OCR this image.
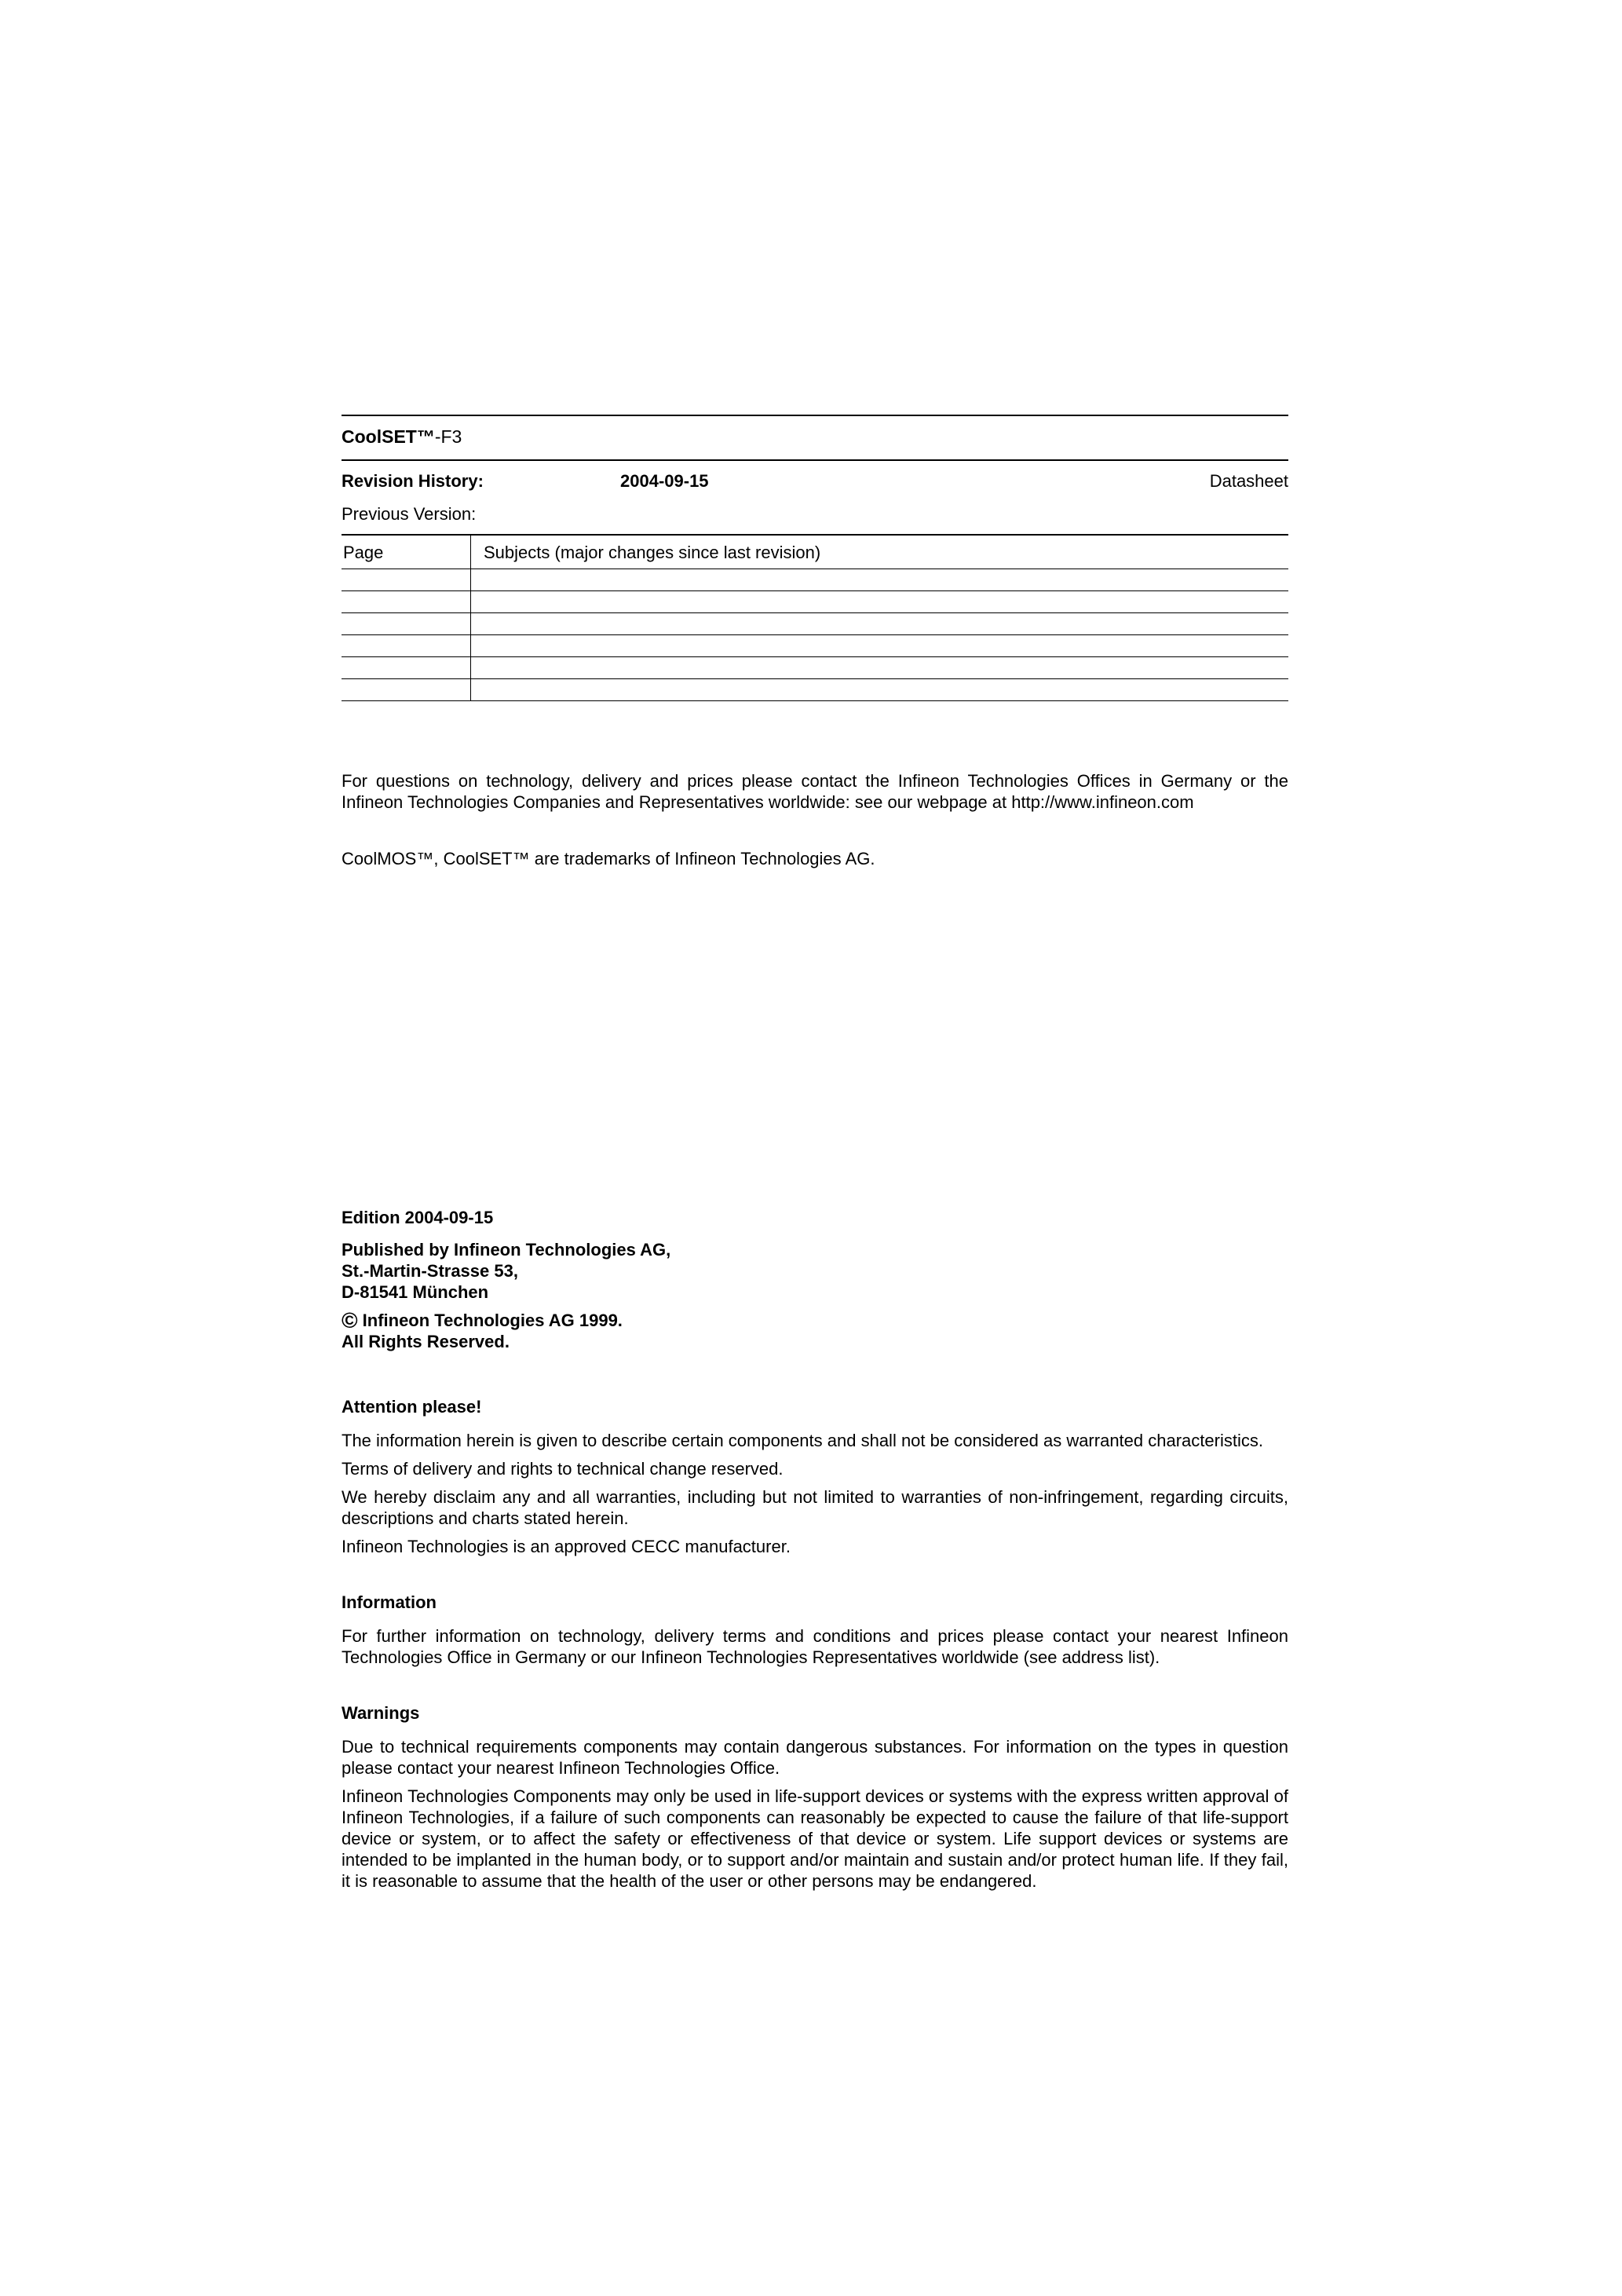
CoolSET™-F3
Revision History:	2004-09-15	Datasheet
Previous Version:
Page	Subjects (major changes since last revision)

For questions on technology, delivery and prices please contact the Infineon Technologies Offices in Germany or the Infineon Technologies Companies and Representatives worldwide: see our webpage at http://www.infineon.com

CoolMOS™, CoolSET™ are trademarks of Infineon Technologies AG.

Edition 2004-09-15

Published by Infineon Technologies AG,

St.-Martin-Strasse 53,

D-81541 München

© Infineon Technologies AG 1999.

All Rights Reserved.

Attention please!

The information herein is given to describe certain components and shall not be considered as warranted characteristics.

Terms of delivery and rights to technical change reserved.

We hereby disclaim any and all warranties, including but not limited to warranties of non-infringement, regarding circuits, descriptions and charts stated herein.

Infineon Technologies is an approved CECC manufacturer.

Information

For further information on technology, delivery terms and conditions and prices please contact your nearest Infineon Technologies Office in Germany or our Infineon Technologies Representatives worldwide (see address list).

Warnings

Due to technical requirements components may contain dangerous substances. For information on the types in question please contact your nearest Infineon Technologies Office.

Infineon Technologies Components may only be used in life-support devices or systems with the express written approval of Infineon Technologies, if a failure of such components can reasonably be expected to cause the failure of that life-support device or system, or to affect the safety or effectiveness of that device or system. Life support devices or systems are intended to be implanted in the human body, or to support and/or maintain and sustain and/or protect human life. If they fail, it is reasonable to assume that the health of the user or other persons may be endangered.
